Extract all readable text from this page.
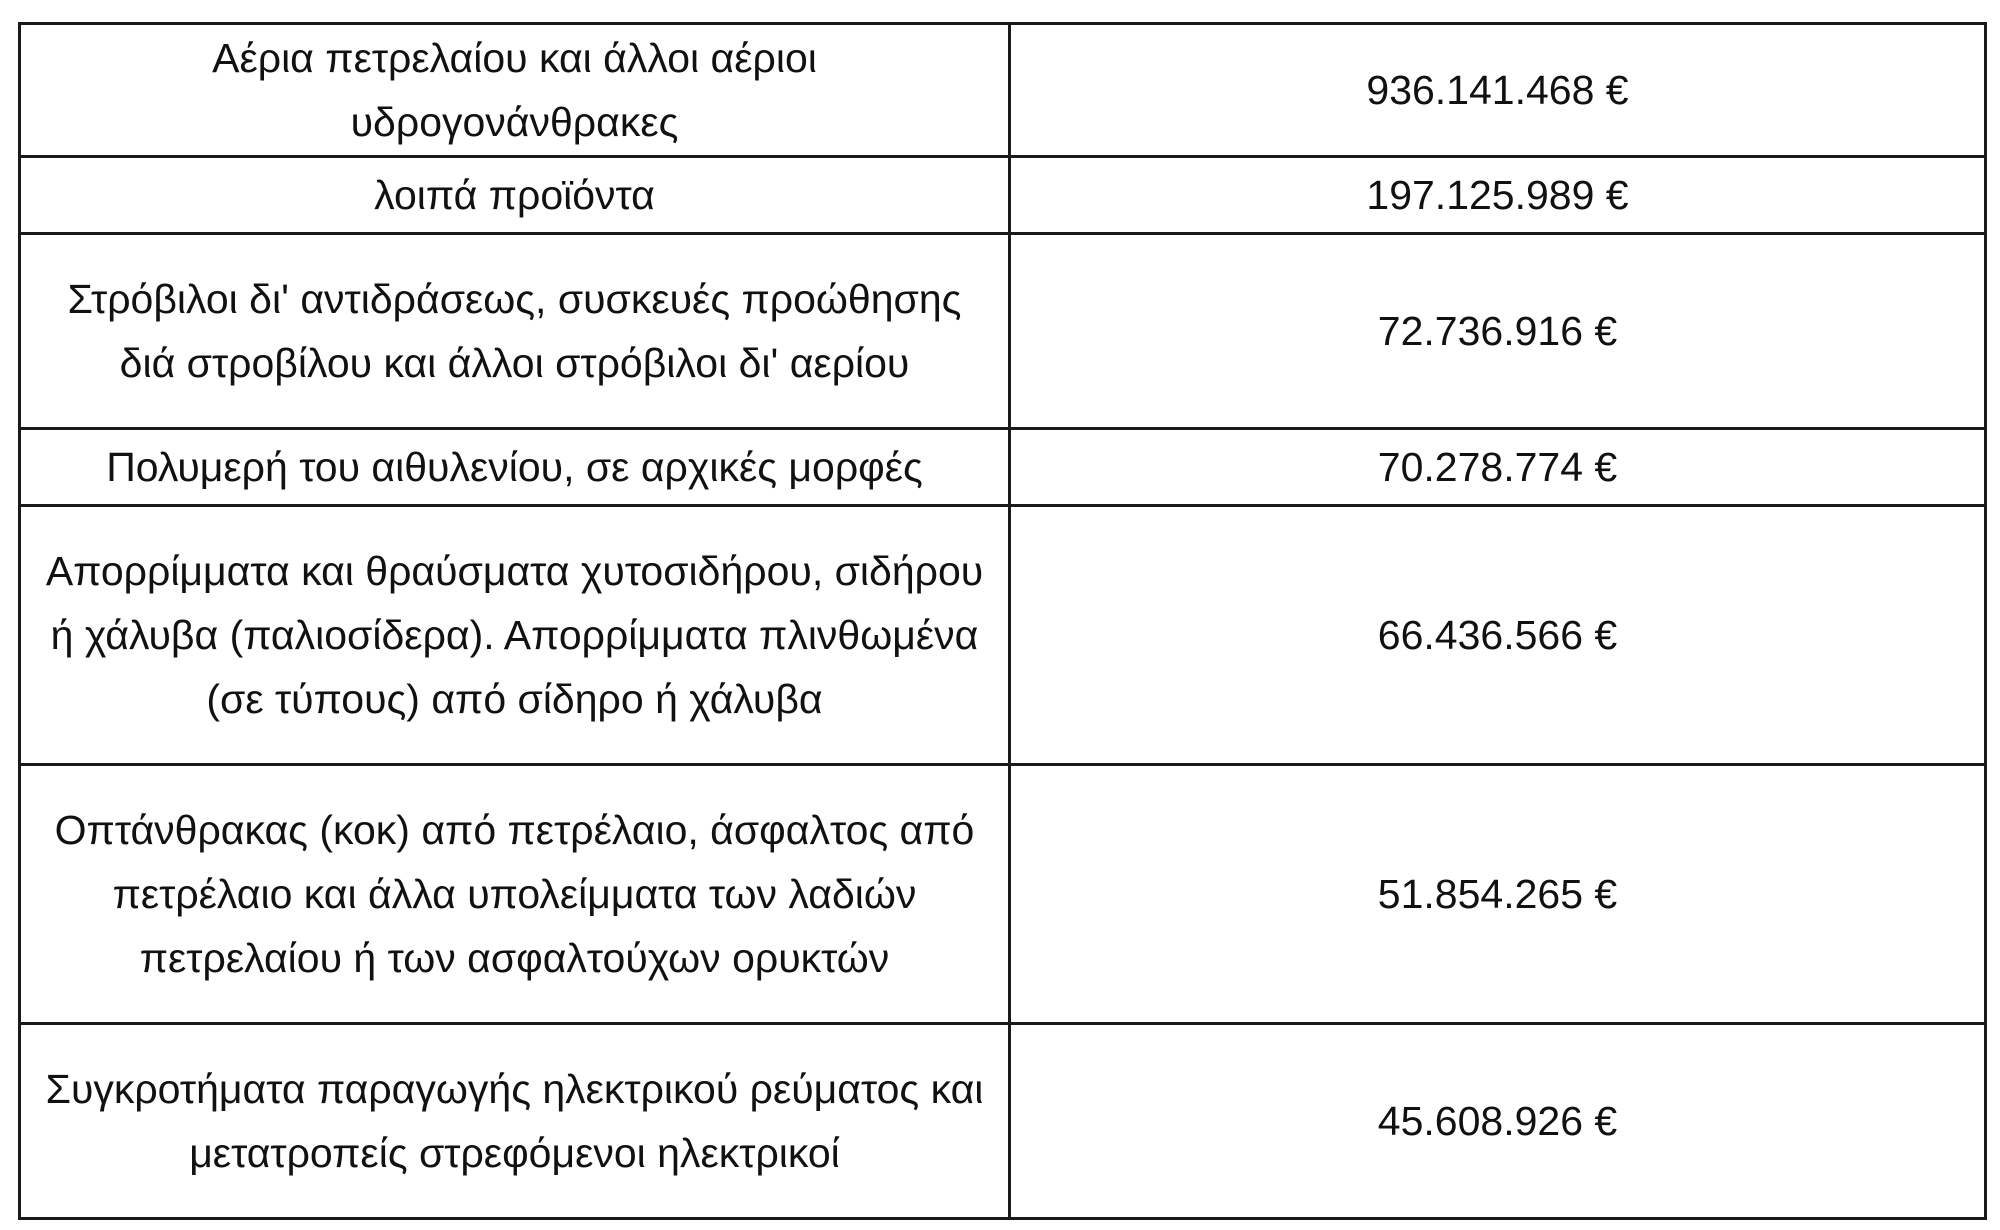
Αέρια πετρελαίου και άλλοι αέριοι υδρογονάνθρακες	936.141.468 €
λοιπά προϊόντα	197.125.989 €
Στρόβιλοι δι' αντιδράσεως, συσκευές προώθησης διά στροβίλου και άλλοι στρόβιλοι δι' αερίου	72.736.916 €
Πολυμερή του αιθυλενίου, σε αρχικές μορφές	70.278.774 €
Απορρίμματα και θραύσματα χυτοσιδήρου, σιδήρου ή χάλυβα (παλιοσίδερα). Απορρίμματα πλινθωμένα (σε τύπους) από σίδηρο ή χάλυβα	66.436.566 €
Οπτάνθρακας (κοκ) από πετρέλαιο, άσφαλτος από πετρέλαιο και άλλα υπολείμματα των λαδιών πετρελαίου ή των ασφαλτούχων ορυκτών	51.854.265 €
Συγκροτήματα παραγωγής ηλεκτρικού ρεύματος και μετατροπείς στρεφόμενοι ηλεκτρικοί	45.608.926 €
